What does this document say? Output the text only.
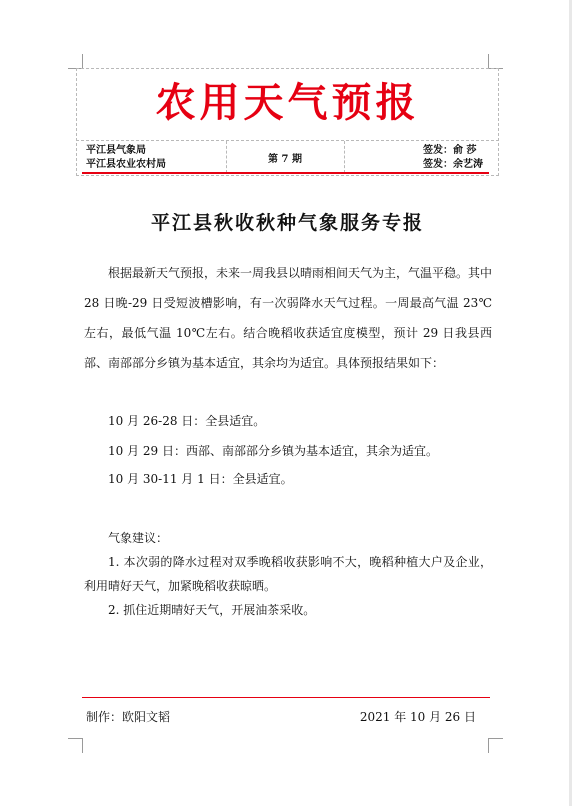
农用天气预报
平江县气象局
平江县农业农村局	第 7 期
签发：俞 莎
签发：余艺涛
平江县秋收秋种气象服务专报

根据最新天气预报，未来一周我县以晴雨相间天气为主，气温平稳。其中 28 日晚-29 日受短波槽影响，有一次弱降水天气过程。一周最高气温 23℃左右，最低气温 10℃左右。结合晚稻收获适宜度模型，预计 29 日我县西部、南部部分乡镇为基本适宜，其余均为适宜。具体预报结果如下：

10 月 26-28 日：全县适宜。
10 月 29 日：西部、南部部分乡镇为基本适宜，其余为适宜。
10 月 30-11 月 1 日：全县适宜。
气象建议：

1. 本次弱的降水过程对双季晚稻收获影响不大，晚稻种植大户及企业，利用晴好天气，加紧晚稻收获晾晒。

2. 抓住近期晴好天气，开展油茶采收。

制作：欧阳文韬	2021 年 10 月 26 日
